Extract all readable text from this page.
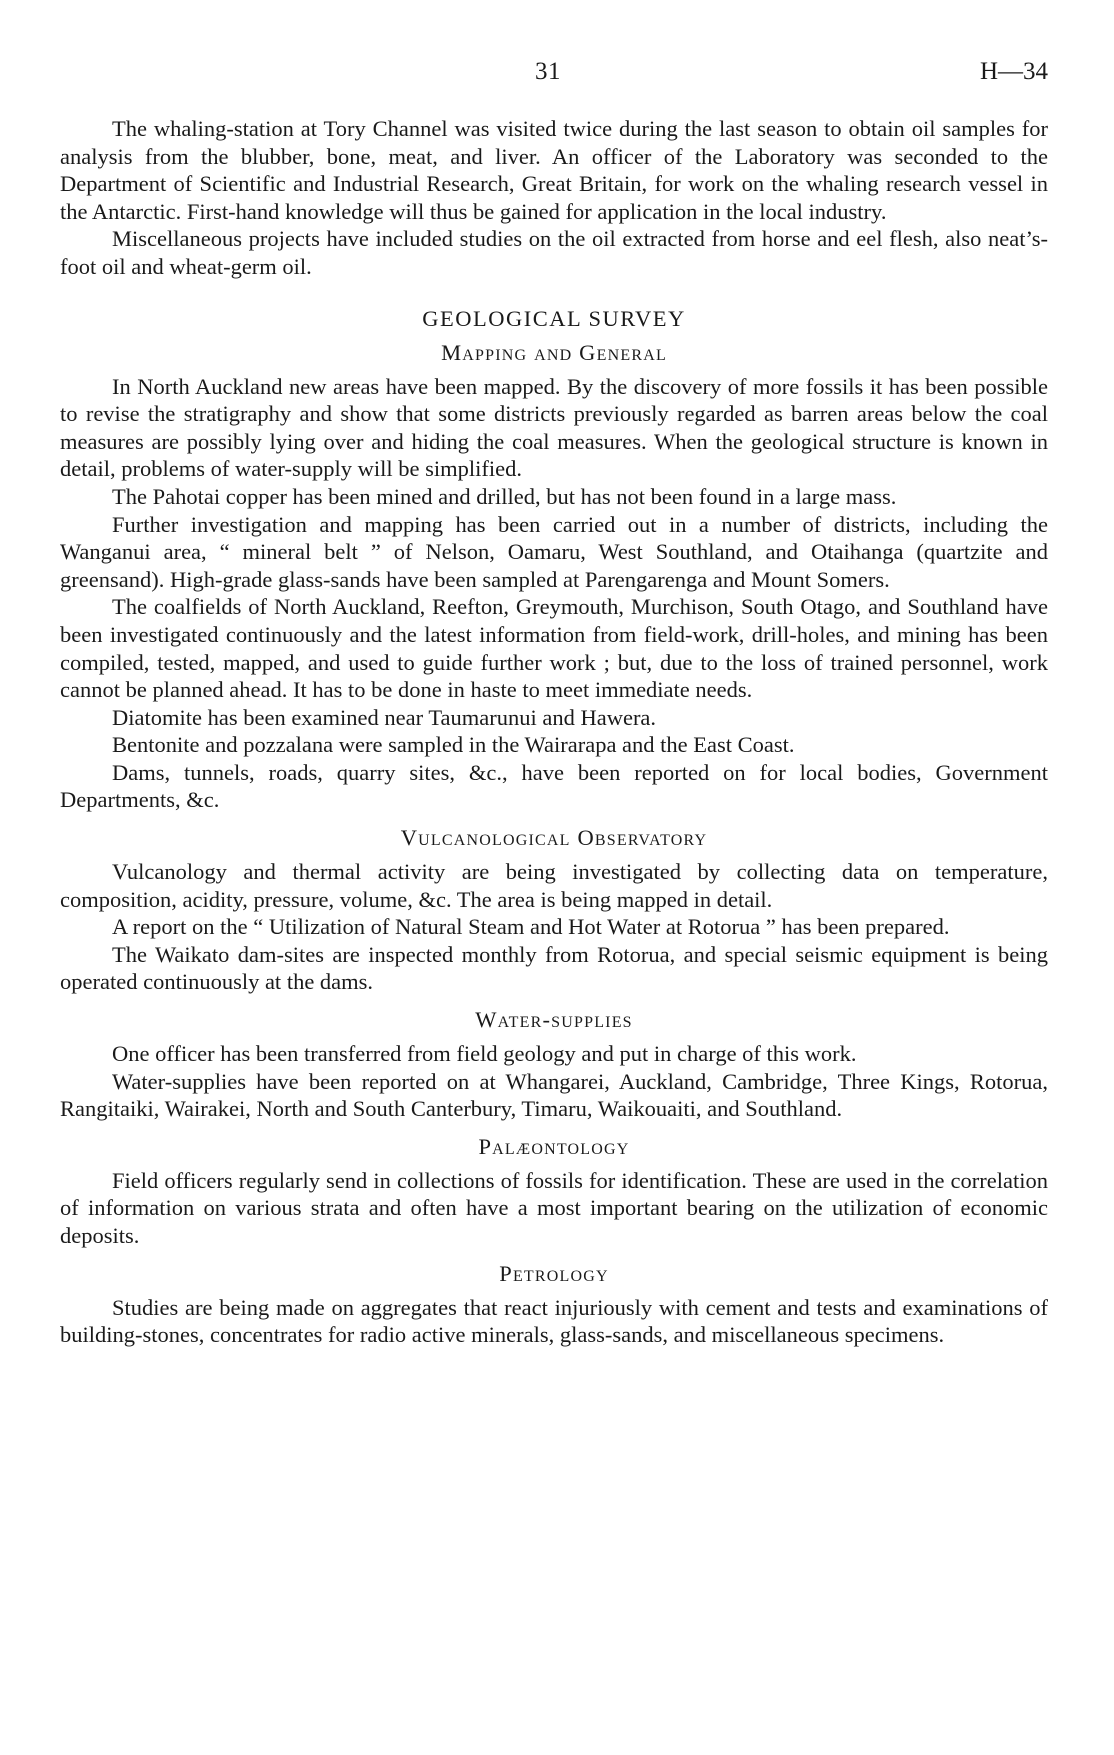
31	H—34

The whaling-station at Tory Channel was visited twice during the last season to obtain oil samples for analysis from the blubber, bone, meat, and liver. An officer of the Laboratory was seconded to the Department of Scientific and Industrial Research, Great Britain, for work on the whaling research vessel in the Antarctic. First-hand knowledge will thus be gained for application in the local industry.

Miscellaneous projects have included studies on the oil extracted from horse and eel flesh, also neat’s-foot oil and wheat-germ oil.

GEOLOGICAL SURVEY
Mapping and General

In North Auckland new areas have been mapped. By the discovery of more fossils it has been possible to revise the stratigraphy and show that some districts previously regarded as barren areas below the coal measures are possibly lying over and hiding the coal measures. When the geological structure is known in detail, problems of water-supply will be simplified.

The Pahotai copper has been mined and drilled, but has not been found in a large mass.

Further investigation and mapping has been carried out in a number of districts, including the Wanganui area, “ mineral belt ” of Nelson, Oamaru, West Southland, and Otaihanga (quartzite and greensand). High-grade glass-sands have been sampled at Parengarenga and Mount Somers.

The coalfields of North Auckland, Reefton, Greymouth, Murchison, South Otago, and Southland have been investigated continuously and the latest information from field-work, drill-holes, and mining has been compiled, tested, mapped, and used to guide further work ; but, due to the loss of trained personnel, work cannot be planned ahead. It has to be done in haste to meet immediate needs.

Diatomite has been examined near Taumarunui and Hawera.

Bentonite and pozzalana were sampled in the Wairarapa and the East Coast.

Dams, tunnels, roads, quarry sites, &c., have been reported on for local bodies, Government Departments, &c.

Vulcanological Observatory

Vulcanology and thermal activity are being investigated by collecting data on temperature, composition, acidity, pressure, volume, &c. The area is being mapped in detail.

A report on the “ Utilization of Natural Steam and Hot Water at Rotorua ” has been prepared.

The Waikato dam-sites are inspected monthly from Rotorua, and special seismic equipment is being operated continuously at the dams.

Water-supplies

One officer has been transferred from field geology and put in charge of this work.

Water-supplies have been reported on at Whangarei, Auckland, Cambridge, Three Kings, Rotorua, Rangitaiki, Wairakei, North and South Canterbury, Timaru, Waikouaiti, and Southland.

Palæontology

Field officers regularly send in collections of fossils for identification. These are used in the correlation of information on various strata and often have a most important bearing on the utilization of economic deposits.

Petrology

Studies are being made on aggregates that react injuriously with cement and tests and examinations of building-stones, concentrates for radio active minerals, glass-sands, and miscellaneous specimens.
